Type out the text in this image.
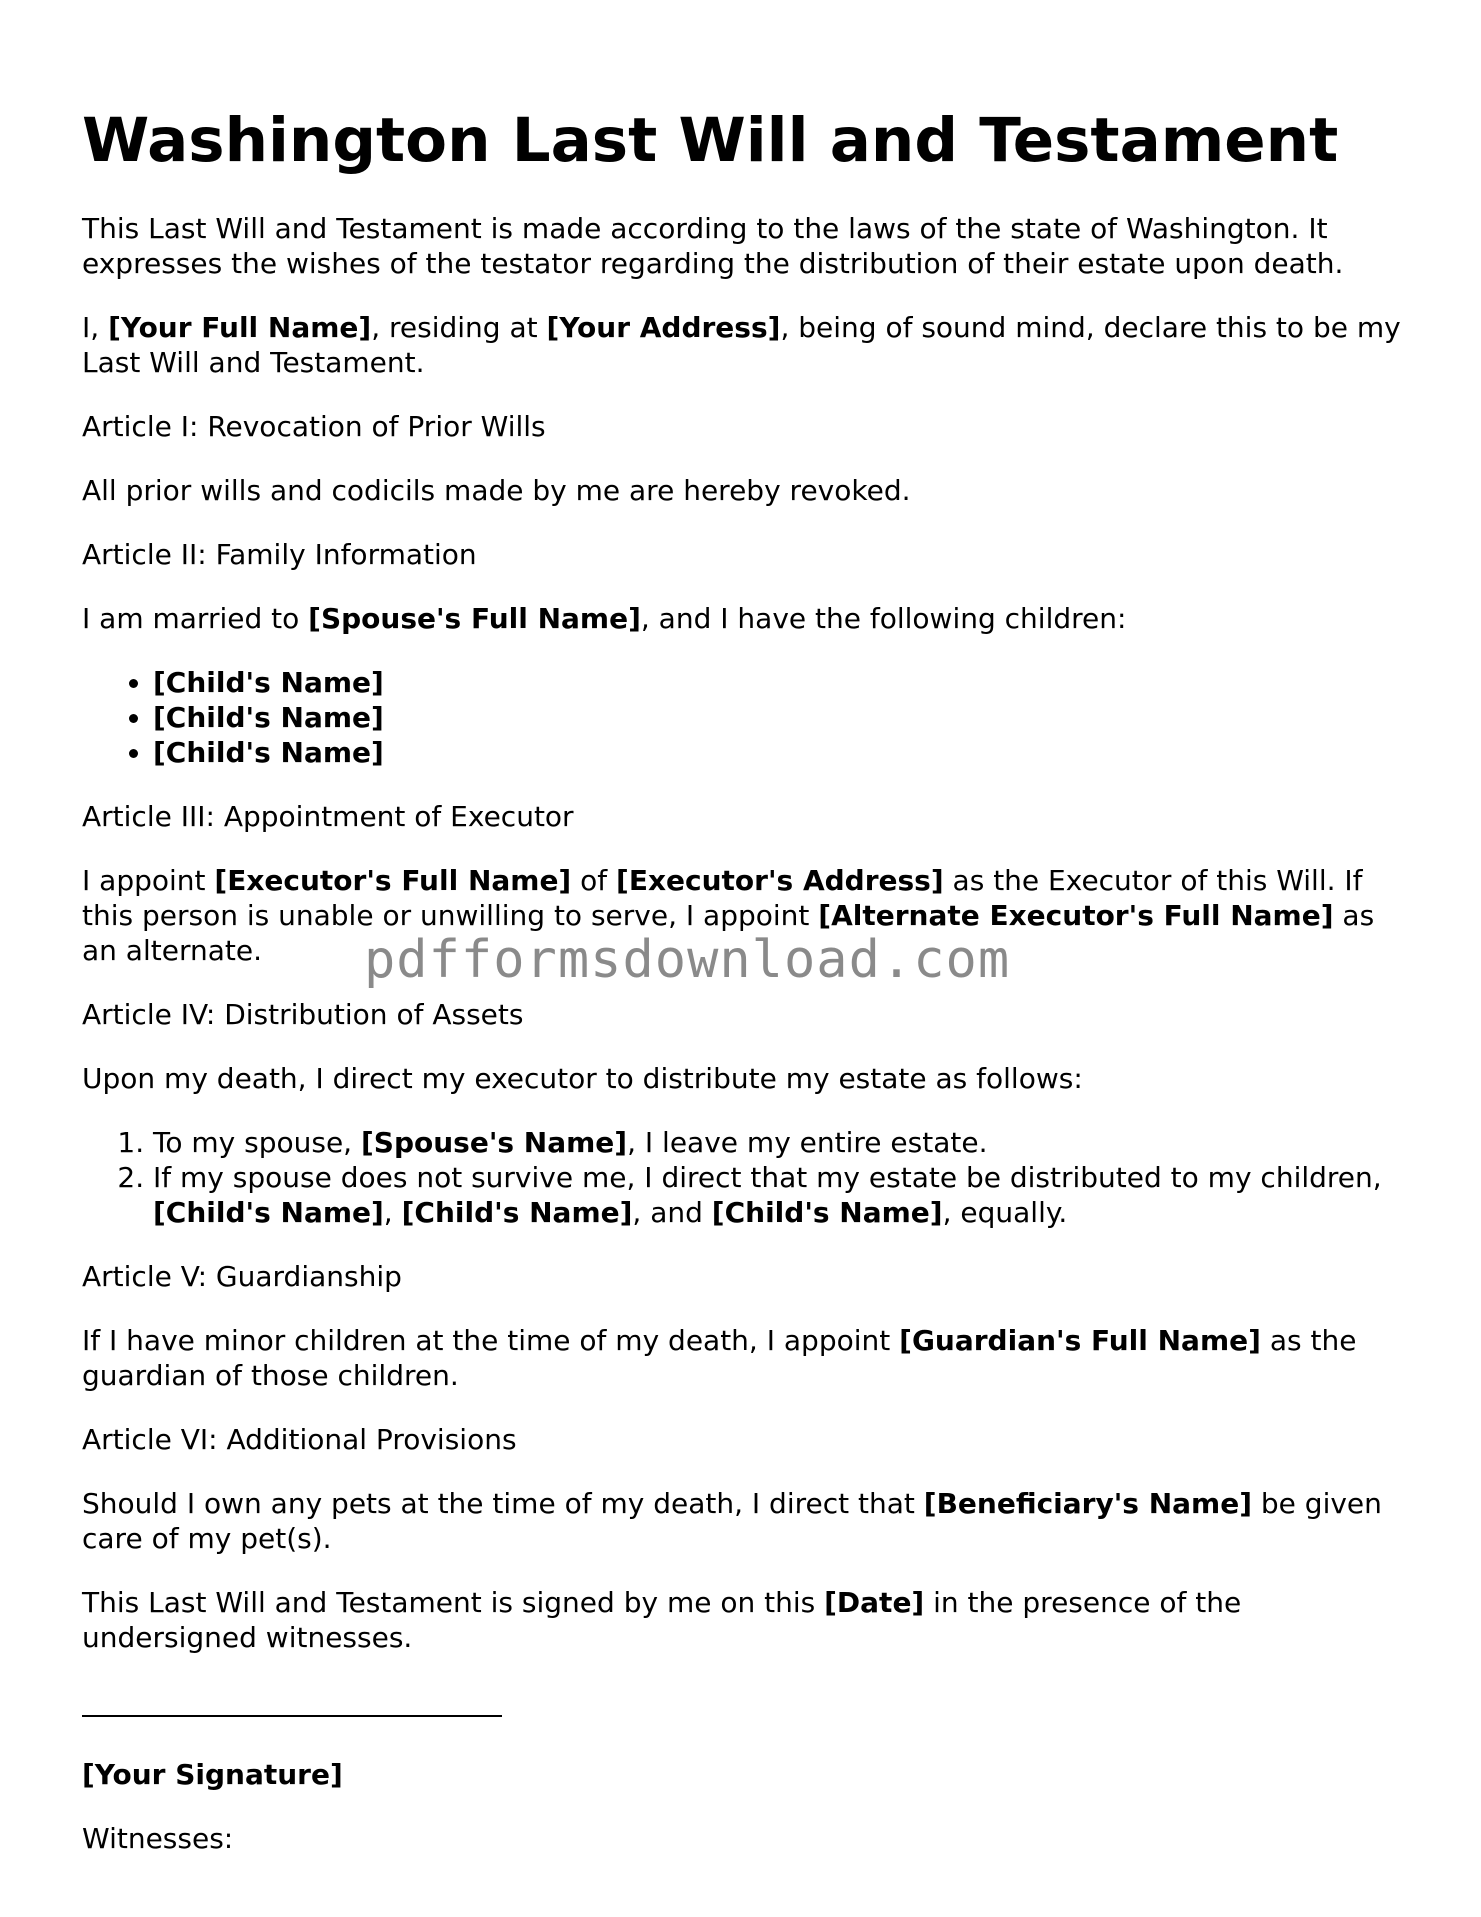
Washington Last Will and Testament

This Last Will and Testament is made according to the laws of the state of Washington. It expresses the wishes of the testator regarding the distribution of their estate upon death.

I, [Your Full Name], residing at [Your Address], being of sound mind, declare this to be my Last Will and Testament.

Article I: Revocation of Prior Wills

All prior wills and codicils made by me are hereby revoked.

Article II: Family Information

I am married to [Spouse's Full Name], and I have the following children:

• [Child's Name]
• [Child's Name]
• [Child's Name]

Article III: Appointment of Executor

I appoint [Executor's Full Name] of [Executor's Address] as the Executor of this Will. If this person is unable or unwilling to serve, I appoint [Alternate Executor's Full Name] as an alternate.

Article IV: Distribution of Assets

Upon my death, I direct my executor to distribute my estate as follows:

1. To my spouse, [Spouse's Name], I leave my entire estate.
2. If my spouse does not survive me, I direct that my estate be distributed to my children, [Child's Name], [Child's Name], and [Child's Name], equally.

Article V: Guardianship

If I have minor children at the time of my death, I appoint [Guardian's Full Name] as the guardian of those children.

Article VI: Additional Provisions

Should I own any pets at the time of my death, I direct that [Beneficiary's Name] be given care of my pet(s).

This Last Will and Testament is signed by me on this [Date] in the presence of the undersigned witnesses.

[Your Signature]

Witnesses:

pdfformsdownload.com
